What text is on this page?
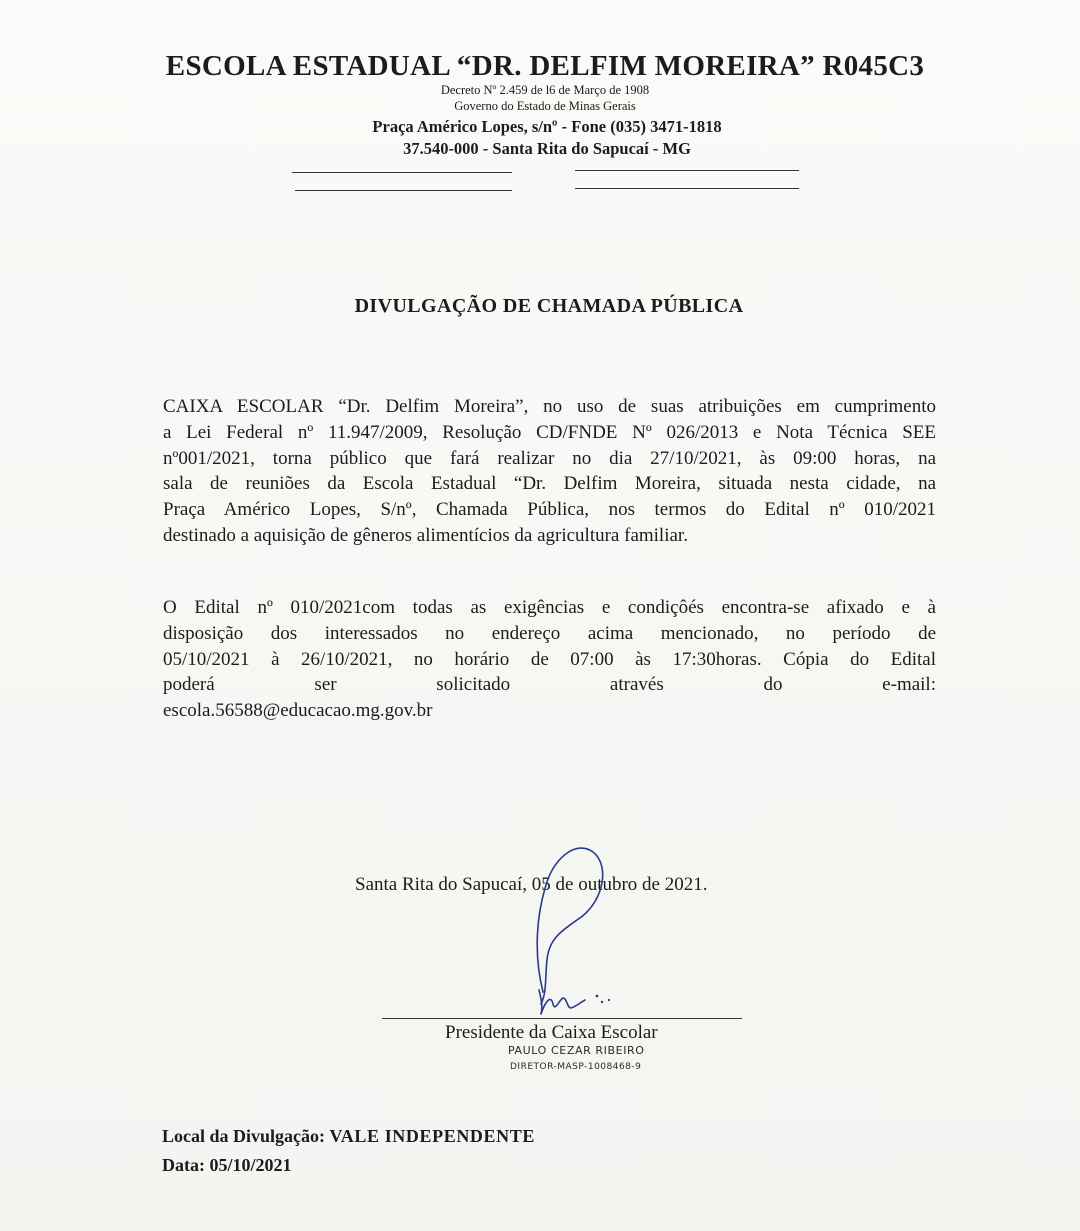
ESCOLA ESTADUAL “DR. DELFIM MOREIRA” R045C3

Decreto Nº 2.459 de l6 de Março de 1908

Governo do Estado de Minas Gerais

Praça Américo Lopes, s/nº - Fone (035) 3471-1818

37.540-000 - Santa Rita do Sapucaí - MG

DIVULGAÇÃO DE CHAMADA PÚBLICA

CAIXA ESCOLAR “Dr. Delfim Moreira”, no uso de suas atribuições em cumprimento
a Lei Federal nº 11.947/2009, Resolução CD/FNDE Nº 026/2013 e Nota Técnica SEE
nº001/2021, torna público que fará realizar no dia 27/10/2021, às 09:00 horas, na
sala de reuniões da Escola Estadual “Dr. Delfim Moreira, situada nesta cidade, na
Praça Américo Lopes, S/nº, Chamada Pública, nos termos do Edital nº 010/2021
destinado a aquisição de gêneros alimentícios da agricultura familiar.
O Edital nº 010/2021com todas as exigências e condiçôés encontra-se afixado e à
disposição dos interessados no endereço acima mencionado, no período de
05/10/2021 à 26/10/2021, no horário de 07:00 às 17:30horas. Cópia do Edital
poderá ser solicitado através do e-mail:
escola.56588@educacao.mg.gov.br

Santa Rita do Sapucaí, 05 de outubro de 2021.

Presidente da Caixa Escolar

PAULO CEZAR RIBEIRO

DIRETOR-MASP-1008468-9

Local da Divulgação: VALE INDEPENDENTE

Data: 05/10/2021
